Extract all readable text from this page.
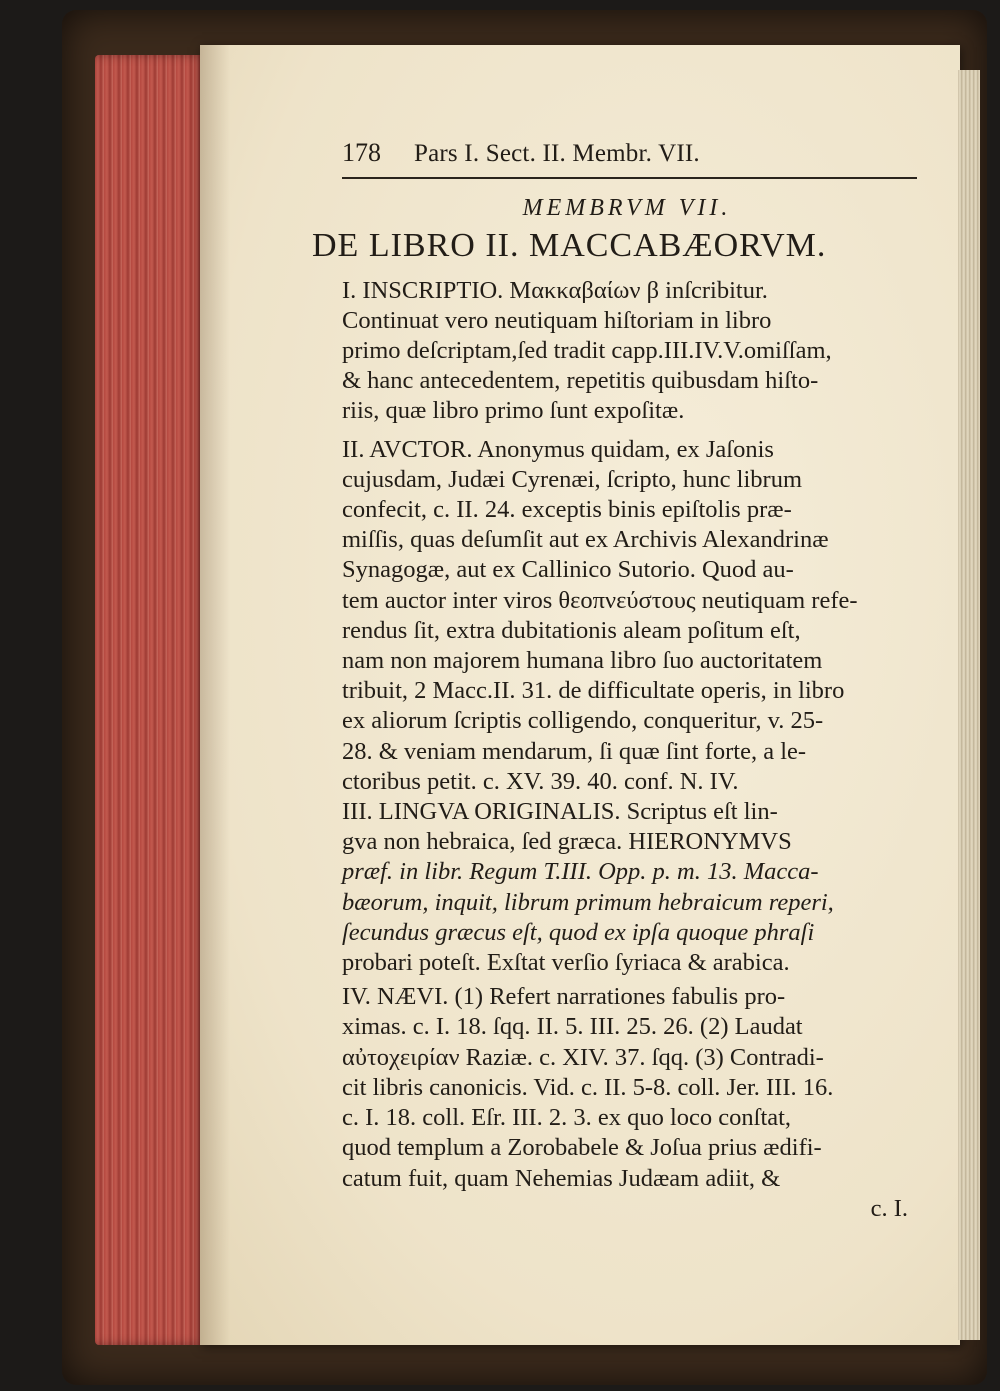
178	Pars I. Sect. II. Membr. VII.
MEMBRVM VII.
DE LIBRO II. MACCABÆORVM.
I. INSCRIPTIO. Μακκαβαίων β inſcribitur.
Continuat vero neutiquam hiſtoriam in libro
primo deſcriptam,ſed tradit capp.III.IV.V.omiſſam,
& hanc antecedentem, repetitis quibusdam hiſto-
riis, quæ libro primo ſunt expoſitæ.
II. AVCTOR. Anonymus quidam, ex Jaſonis
cujusdam, Judæi Cyrenæi, ſcripto, hunc librum
confecit, c. II. 24. exceptis binis epiſtolis præ-
miſſis, quas deſumſit aut ex Archivis Alexandrinæ
Synagogæ, aut ex Callinico Sutorio. Quod au-
tem auctor inter viros θεοπνεύστους neutiquam refe-
rendus ſit, extra dubitationis aleam poſitum eſt,
nam non majorem humana libro ſuo auctoritatem
tribuit, 2 Macc.II. 31. de difficultate operis, in libro
ex aliorum ſcriptis colligendo, conqueritur, v. 25-
28. & veniam mendarum, ſi quæ ſint forte, a le-
ctoribus petit. c. XV. 39. 40. conf. N. IV.
III. LINGVA ORIGINALIS. Scriptus eſt lin-
gva non hebraica, ſed græca. HIERONYMVS
præf. in libr. Regum T.III. Opp. p. m. 13. Macca-
bæorum, inquit, librum primum hebraicum reperi,
ſecundus græcus eſt, quod ex ipſa quoque phraſi
probari poteſt. Exſtat verſio ſyriaca & arabica.
IV. NÆVI. (1) Refert narrationes fabulis pro-
ximas. c. I. 18. ſqq. II. 5. III. 25. 26. (2) Laudat
αὐτοχειρίαν Raziæ. c. XIV. 37. ſqq. (3) Contradi-
cit libris canonicis. Vid. c. II. 5-8. coll. Jer. III. 16.
c. I. 18. coll. Eſr. III. 2. 3. ex quo loco conſtat,
quod templum a Zorobabele & Joſua prius ædifi-
catum fuit, quam Nehemias Judæam adiit, &
c. I.
